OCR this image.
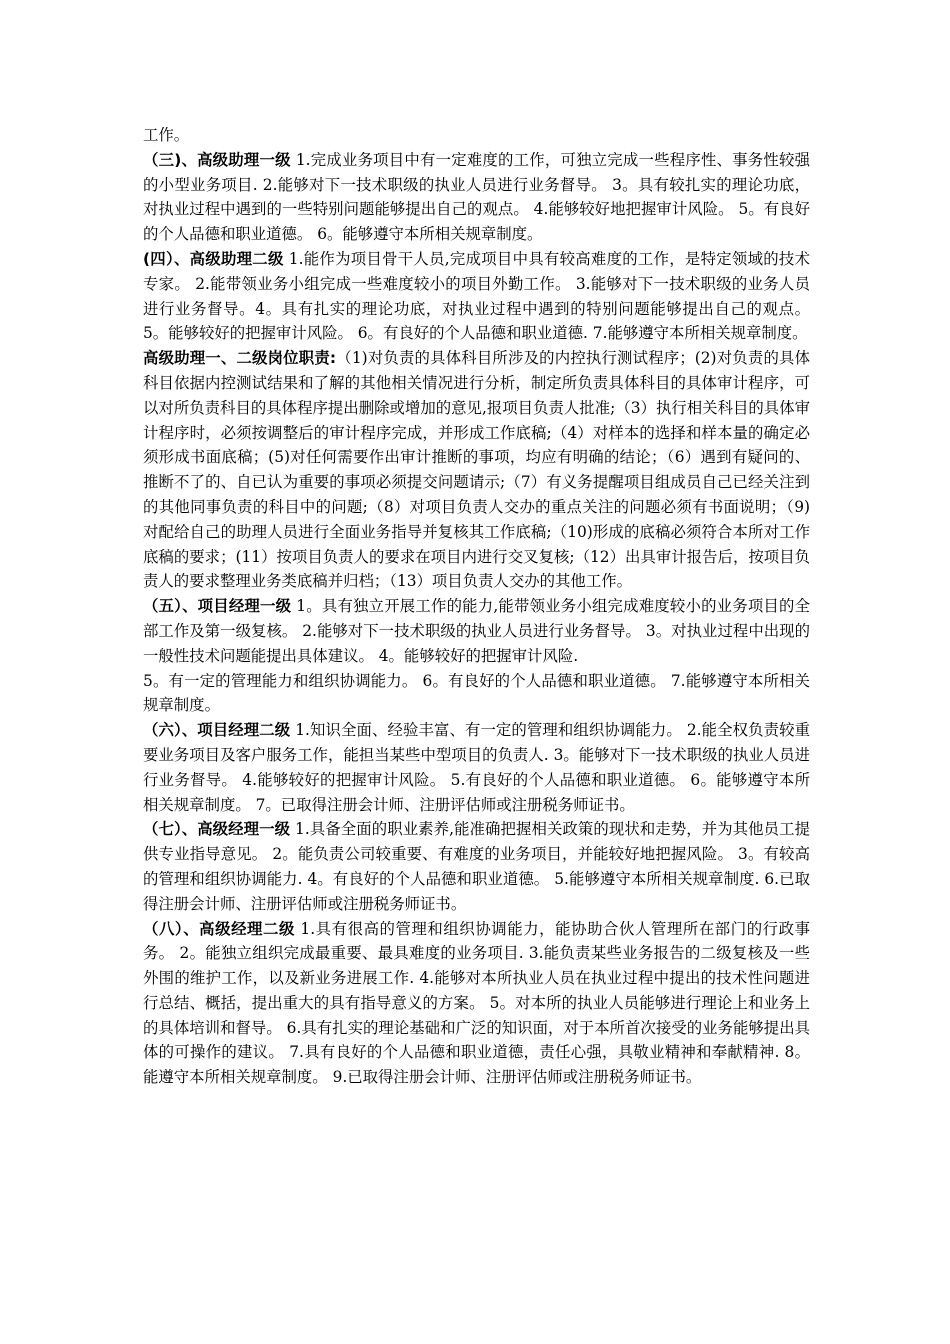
工作。

（三)、高级助理一级 1.完成业务项目中有一定难度的工作，可独立完成一些程序性、事务性较强的小型业务项目. 2.能够对下一技术职级的执业人员进行业务督导。 3。具有较扎实的理论功底，对执业过程中遇到的一些特别问题能够提出自己的观点。 4.能够较好地把握审计风险。 5。有良好的个人品德和职业道德。 6。能够遵守本所相关规章制度。

(四）、高级助理二级 1.能作为项目骨干人员,完成项目中具有较高难度的工作，是特定领域的技术专家。 2.能带领业务小组完成一些难度较小的项目外勤工作。 3.能够对下一技术职级的业务人员进行业务督导。4。具有扎实的理论功底，对执业过程中遇到的特别问题能够提出自己的观点。 5。能够较好的把握审计风险。 6。有良好的个人品德和职业道德. 7.能够遵守本所相关规章制度。

高级助理一、二级岗位职责:（1)对负责的具体科目所涉及的内控执行测试程序；(2)对负责的具体科目依据内控测试结果和了解的其他相关情况进行分析，制定所负责具体科目的具体审计程序，可以对所负责科目的具体程序提出删除或增加的意见,报项目负责人批准;（3）执行相关科目的具体审计程序时，必须按调整后的审计程序完成，并形成工作底稿;（4）对样本的选择和样本量的确定必须形成书面底稿；(5)对任何需要作出审计推断的事项，均应有明确的结论；（6）遇到有疑问的、推断不了的、自已认为重要的事项必须提交问题请示;（7）有义务提醒项目组成员自己已经关注到的其他同事负责的科目中的问题;（8）对项目负责人交办的重点关注的问题必须有书面说明；（9)对配给自己的助理人员进行全面业务指导并复核其工作底稿;（10)形成的底稿必须符合本所对工作底稿的要求；(11）按项目负责人的要求在项目内进行交叉复核;（12）出具审计报告后，按项目负责人的要求整理业务类底稿并归档；（13）项目负责人交办的其他工作。

（五）、项目经理一级 1。具有独立开展工作的能力,能带领业务小组完成难度较小的业务项目的全部工作及第一级复核。 2.能够对下一技术职级的执业人员进行业务督导。 3。对执业过程中出现的一般性技术问题能提出具体建议。 4。能够较好的把握审计风险.

5。有一定的管理能力和组织协调能力。 6。有良好的个人品德和职业道德。 7.能够遵守本所相关规章制度。

（六）、项目经理二级 1.知识全面、经验丰富、有一定的管理和组织协调能力。 2.能全权负责较重要业务项目及客户服务工作，能担当某些中型项目的负责人. 3。能够对下一技术职级的执业人员进行业务督导。 4.能够较好的把握审计风险。 5.有良好的个人品德和职业道德。 6。能够遵守本所相关规章制度。 7。已取得注册会计师、注册评估师或注册税务师证书。

（七）、高级经理一级 1.具备全面的职业素养,能准确把握相关政策的现状和走势，并为其他员工提供专业指导意见。 2。能负责公司较重要、有难度的业务项目，并能较好地把握风险。 3。有较高的管理和组织协调能力. 4。有良好的个人品德和职业道德。 5.能够遵守本所相关规章制度. 6.已取得注册会计师、注册评估师或注册税务师证书。

（八）、高级经理二级 1.具有很高的管理和组织协调能力，能协助合伙人管理所在部门的行政事务。 2。能独立组织完成最重要、最具难度的业务项目. 3.能负责某些业务报告的二级复核及一些外围的维护工作，以及新业务进展工作. 4.能够对本所执业人员在执业过程中提出的技术性问题进行总结、概括，提出重大的具有指导意义的方案。 5。对本所的执业人员能够进行理论上和业务上的具体培训和督导。 6.具有扎实的理论基础和广泛的知识面，对于本所首次接受的业务能够提出具体的可操作的建议。 7.具有良好的个人品德和职业道德，责任心强，具敬业精神和奉献精神. 8。能遵守本所相关规章制度。 9.已取得注册会计师、注册评估师或注册税务师证书。
